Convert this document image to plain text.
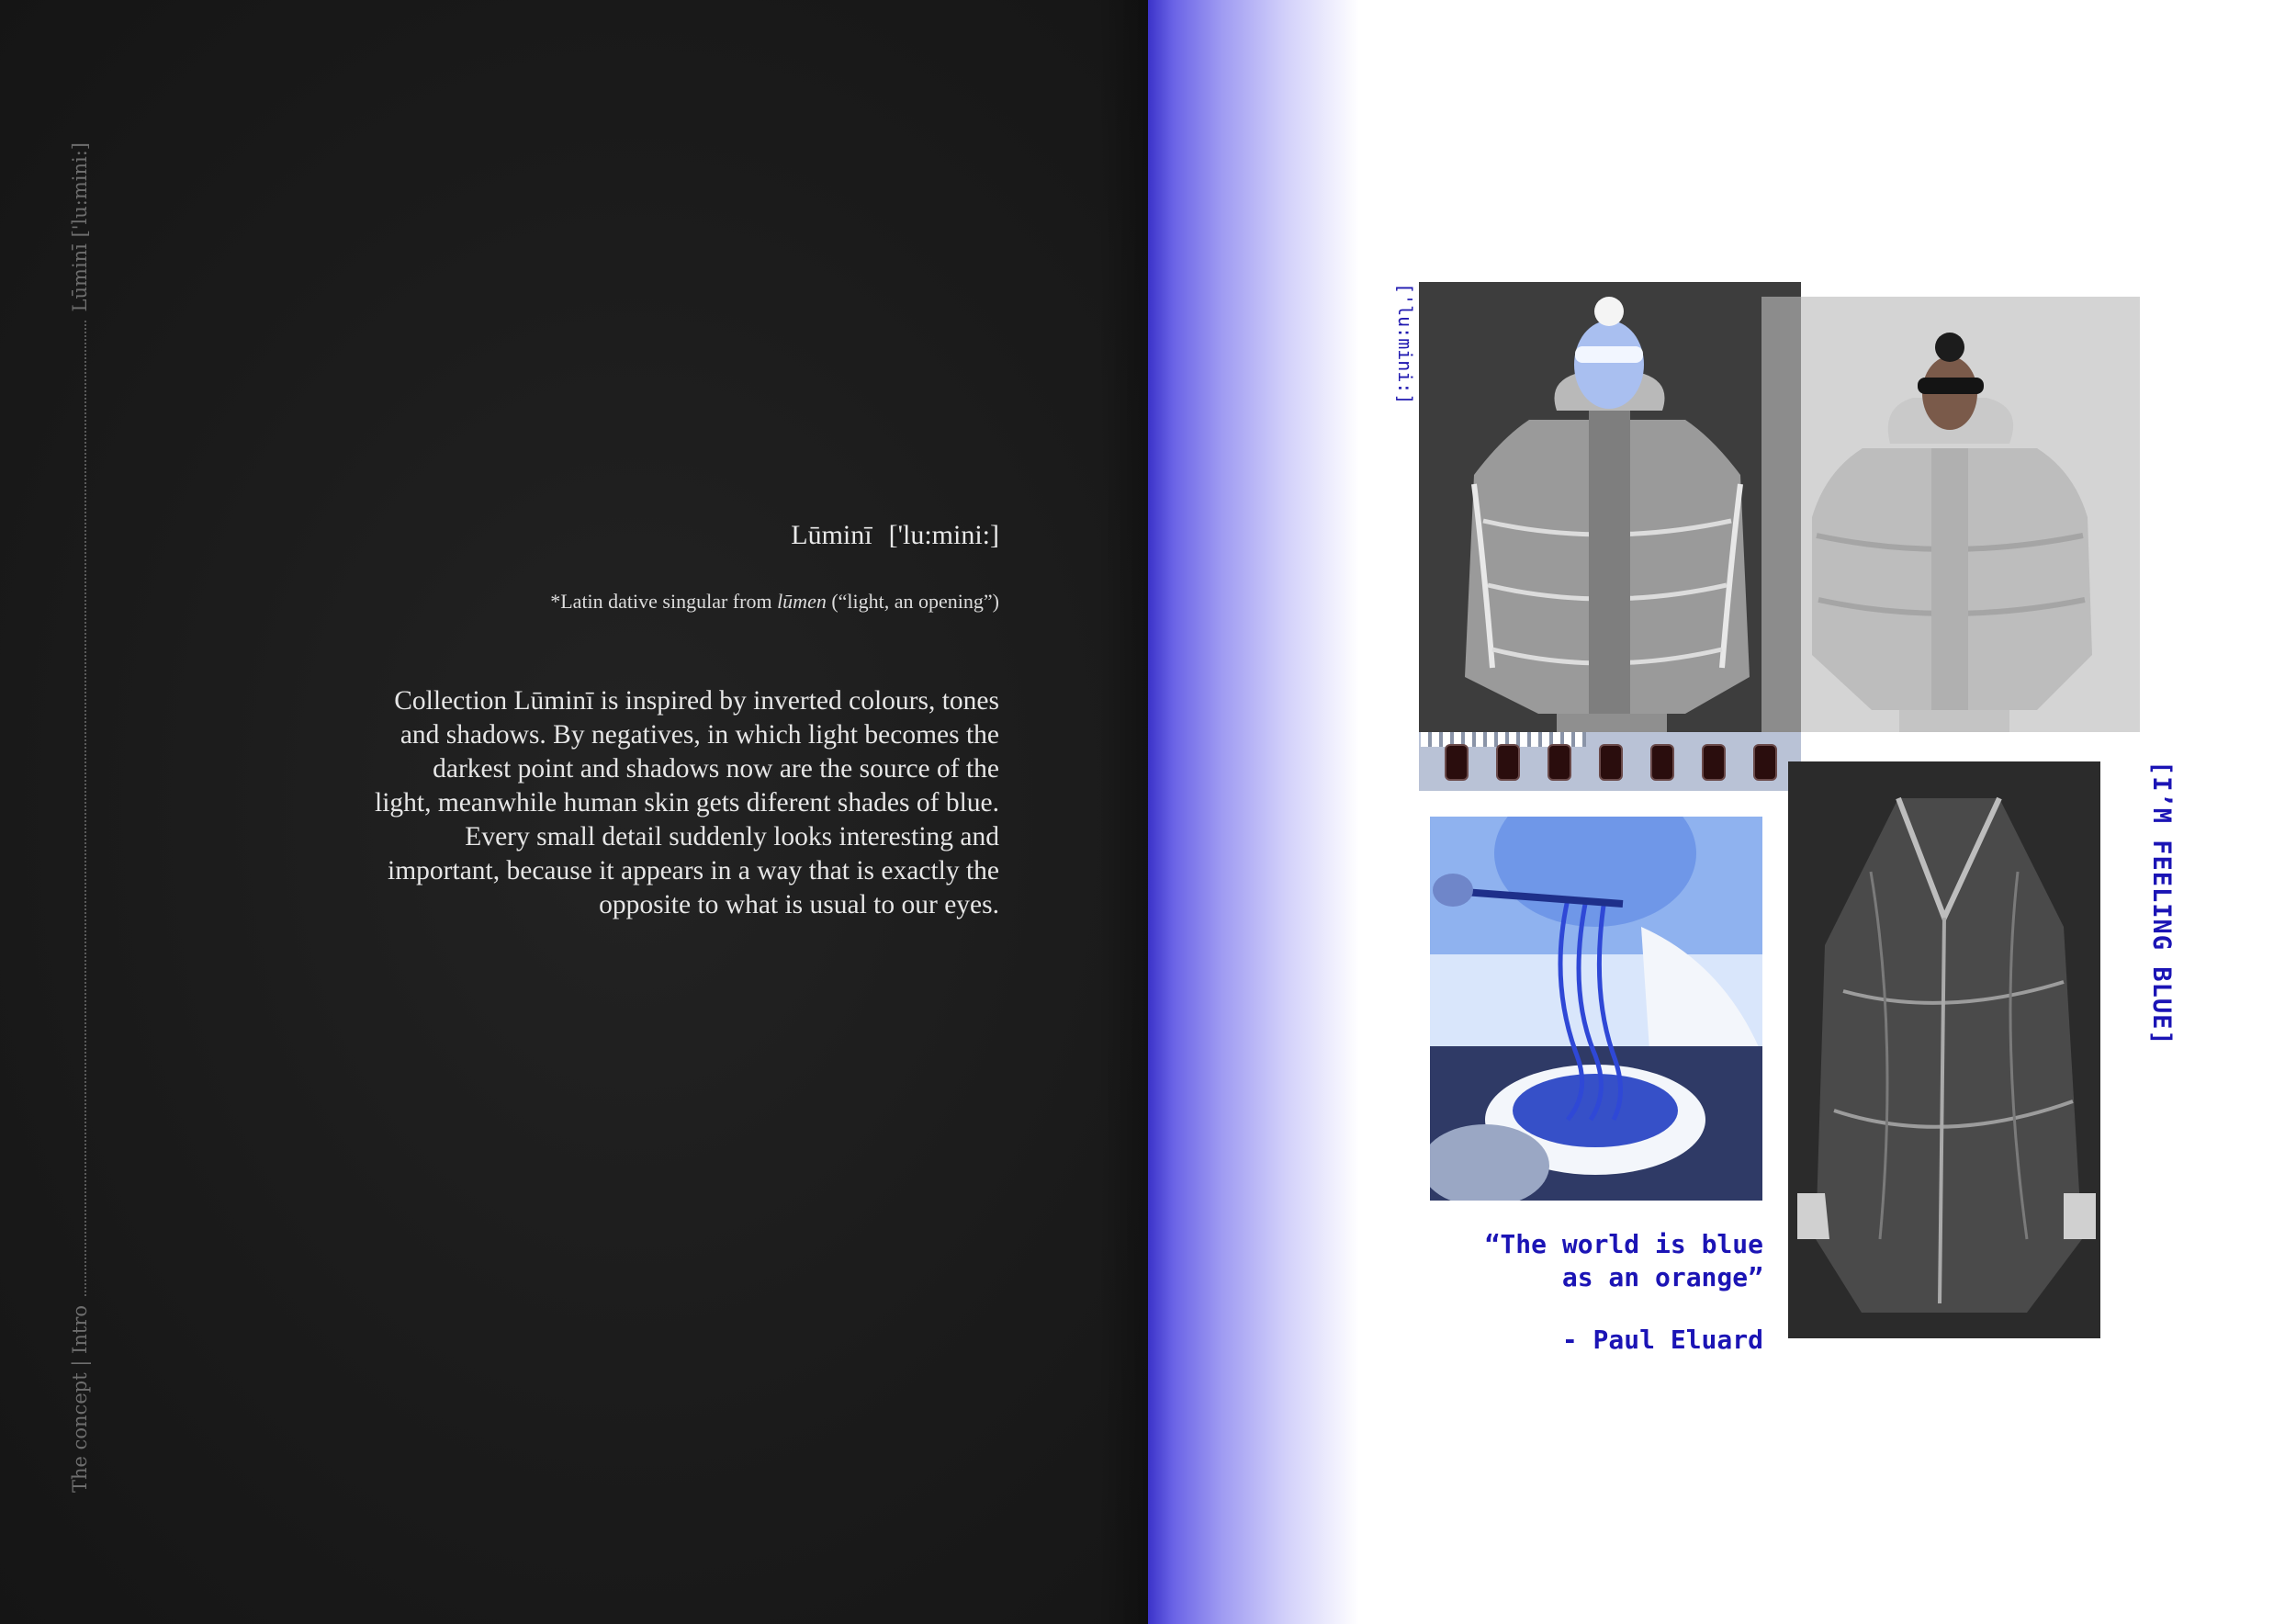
The concept | Intro
Lūminī ['lu:mini:]
Lūminī ['lu:mini:]
*Latin dative singular from lūmen (“light, an opening”)
Collection Lūminī is inspired by inverted colours, tones
and shadows. By negatives, in which light becomes the
darkest point and shadows now are the source of the
light, meanwhile human skin gets diferent shades of blue.
Every small detail suddenly looks interesting and
important, because it appears in a way that is exactly the
opposite to what is usual to our eyes.
['lu:mini:]
“The world is blue
as an orange”
- Paul Eluard
[I’M FEELING BLUE]
